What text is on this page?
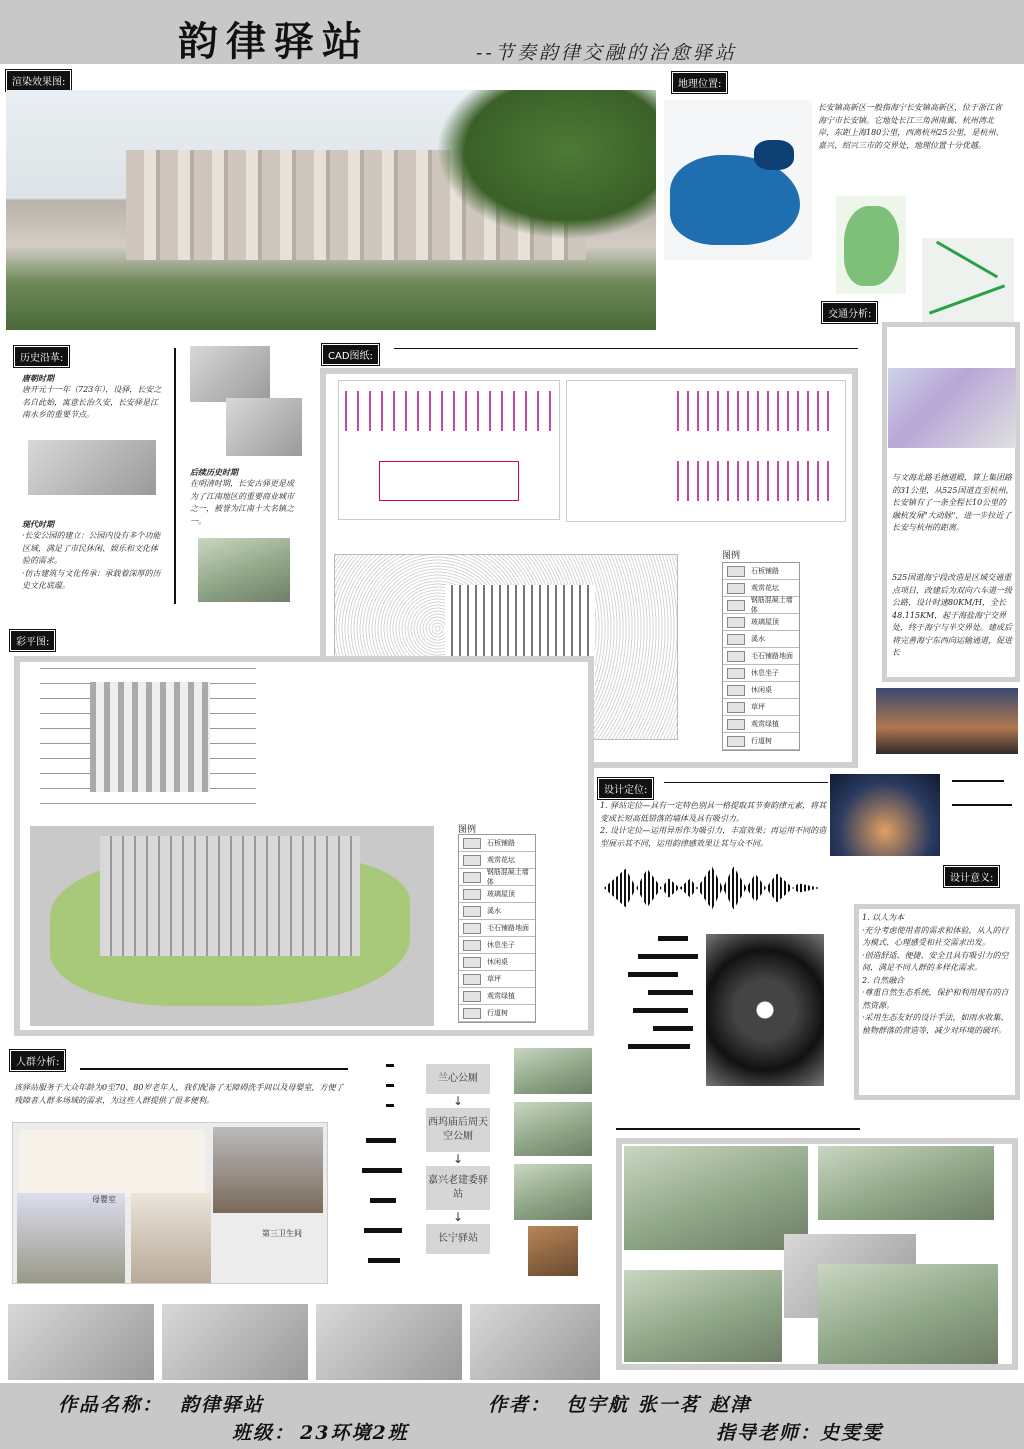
韵律驿站	--节奏韵律交融的治愈驿站
渲染效果图:	地理位置:
长安镇高新区一般指海宁长安镇高新区，位于浙江省海宁市长安镇。它地处长江三角洲南翼、杭州湾北岸，东距上海180公里，西离杭州25公里，是杭州、嘉兴、绍兴三市的交界处，地理位置十分优越。
交通分析:
历史沿革:
唐朝时期
唐开元十一年（723年），设驿，长安之名自此始，寓意长治久安，长安驿是江南水乡的重要节点。
现代时期
·长安公园的建立：公园内设有多个功能区域，满足了市民休闲、娱乐和文化体验的需求。
·仿古建筑与文化传承：承载着深厚的历史文化底蕴。
后续历史时期
在明清时期，长安古驿更是成为了江南地区的重要商业城市之一，被誉为江南十大名镇之一。
CAD图纸:
图例
石板铺路
观赏花坛
钢筋混凝土墙体
玻璃屋顶
溪水
毛石铺路地面
休息坐子
休闲桌
草坪
观赏绿植
行道树
与文海北路毛德道殿，算上集团路的31公里，从525国道直至杭州，长安镇有了一条全程长10公里的融杭发展"大动脉"，进一步拉近了长安与杭州的距离。
525国道海宁段改造是区域交通重点项目，改建后为双向六车道一级公路，设计时速80KM/H，全长48.115KM，起于海盐海宁交界处，终于海宁与半交界处。建成后将完善海宁东西向运输通道，促进长
彩平图:
图例
石板铺路
观赏花坛
钢筋混凝土墙体
玻璃屋顶
溪水
毛石铺路地面
休息坐子
休闲桌
草坪
观赏绿植
行道树
设计定位:
1. 驿站定位—具有一定特色别具一格提取其节奏韵律元素，将其变成长短高低错落的墙体及具有吸引力。
2. 设计定位—运用异形作为吸引力，丰富效果；再运用不同的造型展示其不同，运用韵律感效果让其与众不同。
设计意义:
1. 以人为本
·充分考虑使用者的需求和体验，从人的行为模式、心理感受和社交需求出发。
·创造舒适、便捷、安全且具有吸引力的空间，满足不同人群的多样化需求。
2. 自然融合
·尊重自然生态系统，保护和利用现有的自然资源。
·采用生态友好的设计手法，如雨水收集、植物群落的营造等，减少对环境的破坏。
人群分析:
该驿站服务于大众年龄为0至70、80岁老年人，我们配备了无障碍洗手间以及母婴室，方便了残障者人群多场域的需求，为这些人群提供了很多便利。
母婴室
第三卫生间
兰心公厕
↓
西坞庙后周天空公厕
↓
嘉兴老建委驿站
↓
长宁驿站
作品名称： 韵律驿站	作者： 包宇航 张一茗 赵津
班级： 23环境2班	指导老师：
史雯雯
